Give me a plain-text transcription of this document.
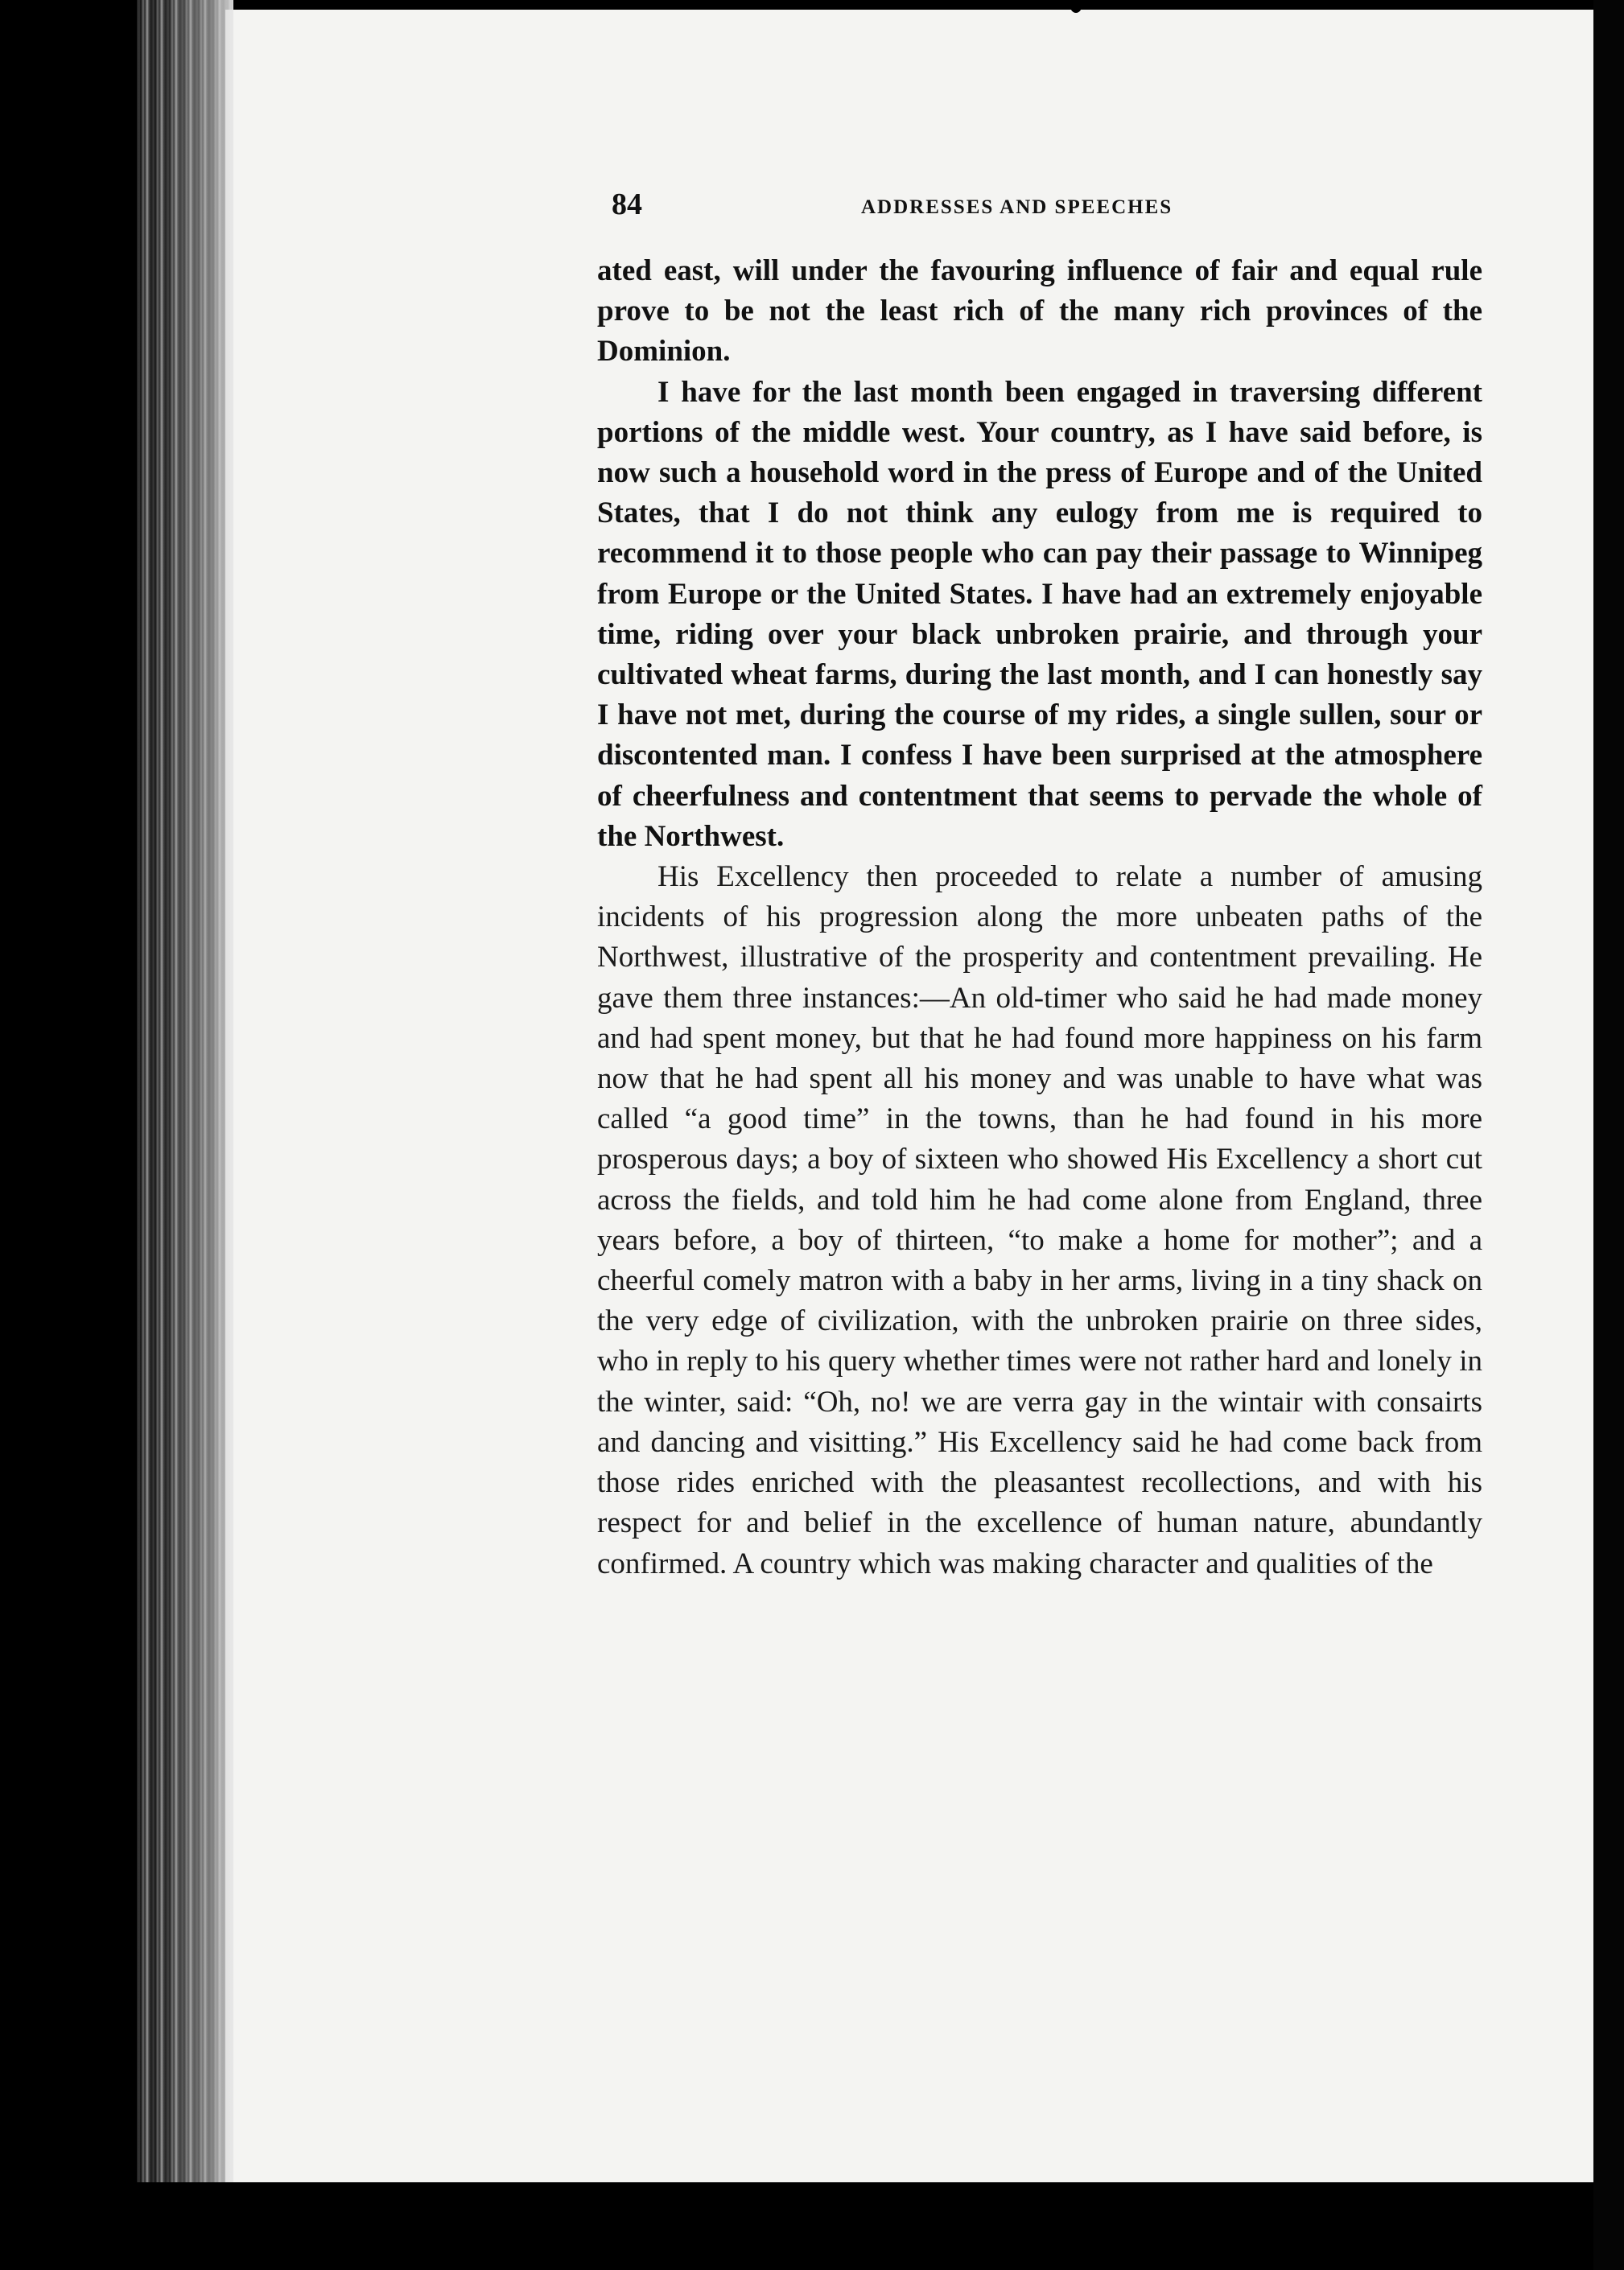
84	ADDRESSES AND SPEECHES

ated east, will under the favouring influence of fair and equal rule prove to be not the least rich of the many rich provinces of the Dominion.

I have for the last month been engaged in traversing different portions of the middle west. Your country, as I have said before, is now such a household word in the press of Europe and of the United States, that I do not think any eulogy from me is required to recommend it to those people who can pay their passage to Winnipeg from Europe or the United States. I have had an extremely enjoyable time, riding over your black unbroken prairie, and through your cultivated wheat farms, during the last month, and I can honestly say I have not met, during the course of my rides, a single sullen, sour or discontented man. I confess I have been surprised at the atmosphere of cheerfulness and contentment that seems to pervade the whole of the Northwest.

His Excellency then proceeded to relate a number of amusing incidents of his progression along the more unbeaten paths of the Northwest, illustrative of the prosperity and contentment prevailing. He gave them three instances:—An old-timer who said he had made money and had spent money, but that he had found more happiness on his farm now that he had spent all his money and was unable to have what was called “a good time” in the towns, than he had found in his more prosperous days; a boy of sixteen who showed His Excellency a short cut across the fields, and told him he had come alone from England, three years before, a boy of thirteen, “to make a home for mother”; and a cheerful comely matron with a baby in her arms, living in a tiny shack on the very edge of civilization, with the unbroken prairie on three sides, who in reply to his query whether times were not rather hard and lonely in the winter, said: “Oh, no! we are verra gay in the wintair with consairts and dancing and visitting.” His Excellency said he had come back from those rides enriched with the pleasantest recollections, and with his respect for and belief in the excellence of human nature, abundantly confirmed. A country which was making character and qualities of the
